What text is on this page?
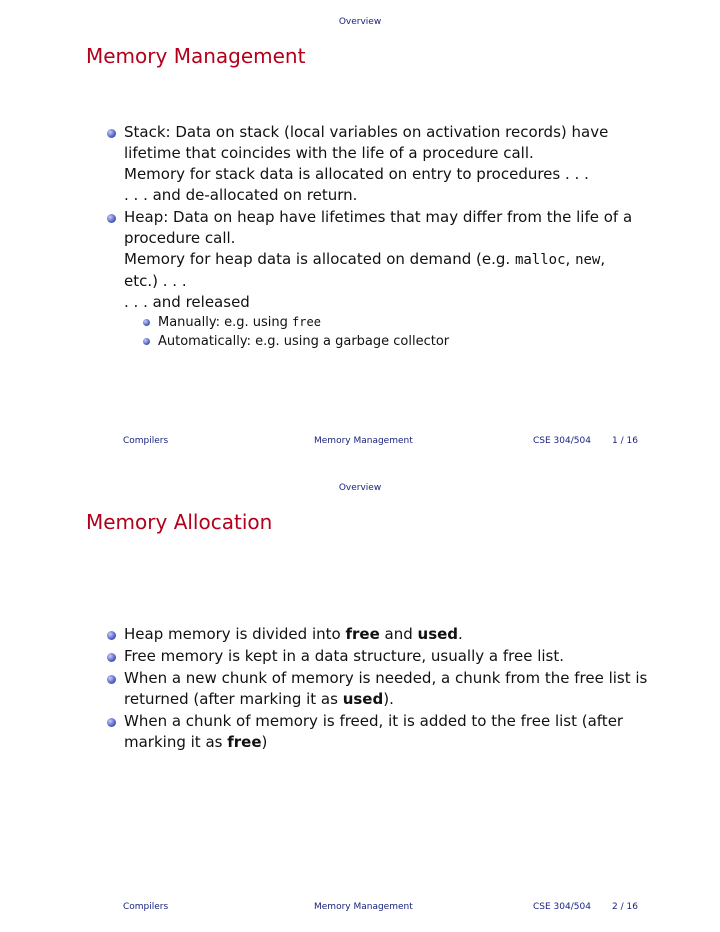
Overview
Memory Management
Stack: Data on stack (local variables on activation records) have
lifetime that coincides with the life of a procedure call.
Memory for stack data is allocated on entry to procedures . . .
. . . and de-allocated on return.
Heap: Data on heap have lifetimes that may differ from the life of a
procedure call.
Memory for heap data is allocated on demand (e.g. malloc, new,
etc.) . . .
. . . and released
Manually: e.g. using free
Automatically: e.g. using a garbage collector
Compilers	Memory Management	CSE 304/504 1 / 16
Overview
Memory Allocation
Heap memory is divided into free and used.
Free memory is kept in a data structure, usually a free list.
When a new chunk of memory is needed, a chunk from the free list is
returned (after marking it as used).
When a chunk of memory is freed, it is added to the free list (after
marking it as free)
Compilers	Memory Management	CSE 304/504 2 / 16
